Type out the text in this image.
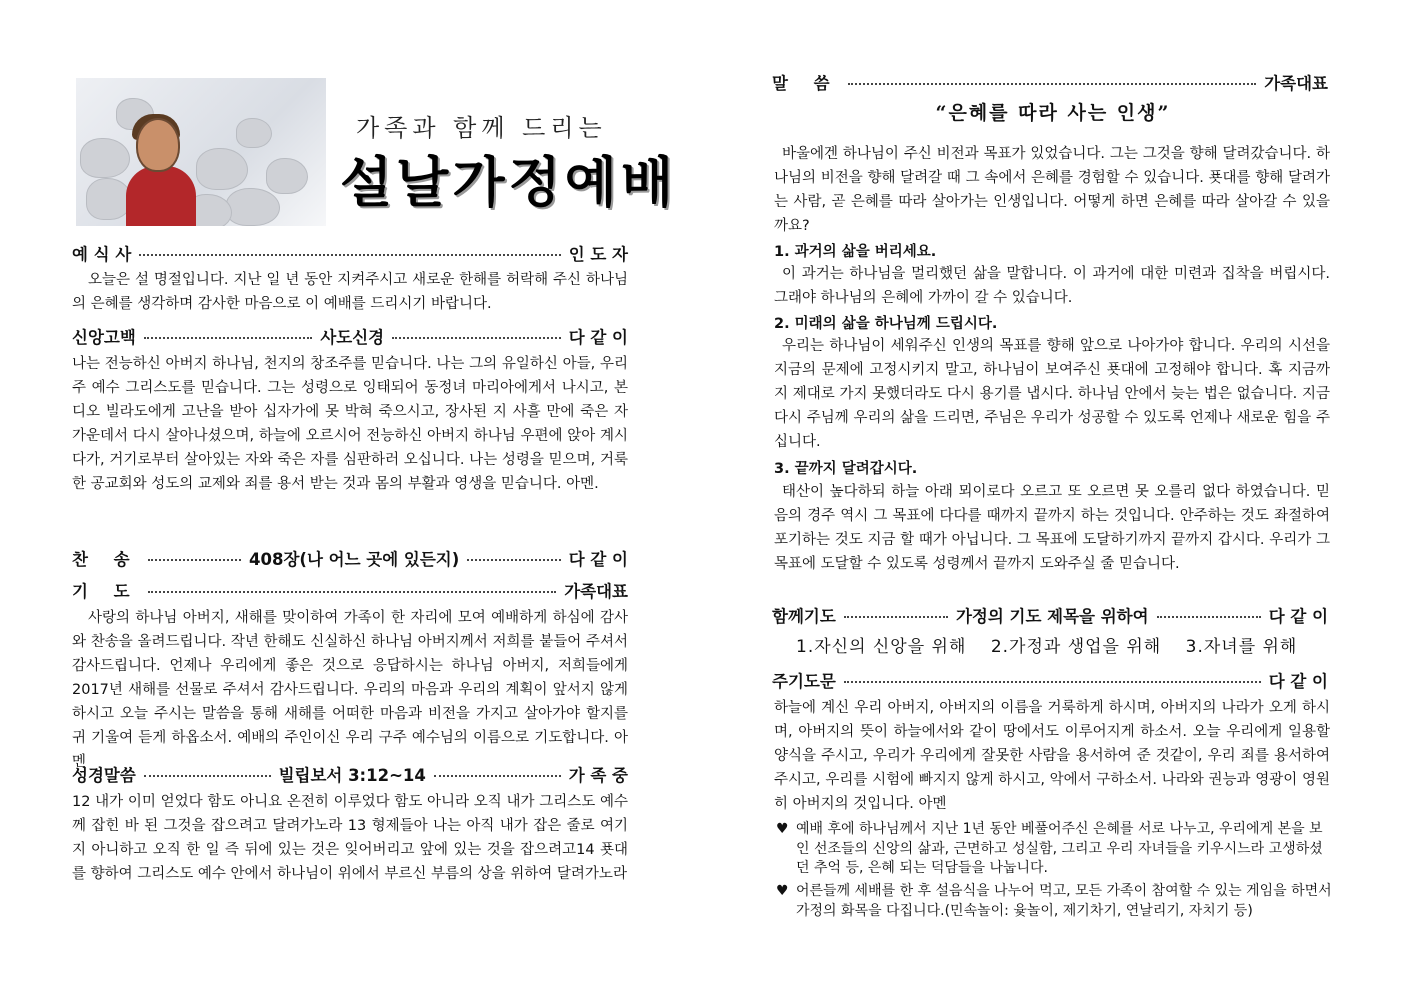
가족과 함께 드리는
설날가정예배
예 식 사	인 도 자
오늘은 설 명절입니다. 지난 일 년 동안 지켜주시고 새로운 한해를 허락해 주신 하나님의 은혜를 생각하며 감사한 마음으로 이 예배를 드리시기 바랍니다.
신앙고백	사도신경	다 같 이
나는 전능하신 아버지 하나님, 천지의 창조주를 믿습니다. 나는 그의 유일하신 아들, 우리 주 예수 그리스도를 믿습니다. 그는 성령으로 잉태되어 동정녀 마리아에게서 나시고, 본디오 빌라도에게 고난을 받아 십자가에 못 박혀 죽으시고, 장사된 지 사흘 만에 죽은 자 가운데서 다시 살아나셨으며, 하늘에 오르시어 전능하신 아버지 하나님 우편에 앉아 계시다가, 거기로부터 살아있는 자와 죽은 자를 심판하러 오십니다. 나는 성령을 믿으며, 거룩한 공교회와 성도의 교제와 죄를 용서 받는 것과 몸의 부활과 영생을 믿습니다. 아멘.
찬 송	408장(나 어느 곳에 있든지)	다 같 이
기 도	가족대표
사랑의 하나님 아버지, 새해를 맞이하여 가족이 한 자리에 모여 예배하게 하심에 감사와 찬송을 올려드립니다. 작년 한해도 신실하신 하나님 아버지께서 저희를 붙들어 주셔서 감사드립니다. 언제나 우리에게 좋은 것으로 응답하시는 하나님 아버지, 저희들에게 2017년 새해를 선물로 주셔서 감사드립니다. 우리의 마음과 우리의 계획이 앞서지 않게 하시고 오늘 주시는 말씀을 통해 새해를 어떠한 마음과 비전을 가지고 살아가야 할지를 귀 기울여 듣게 하옵소서. 예배의 주인이신 우리 구주 예수님의 이름으로 기도합니다. 아멘
성경말씀	빌립보서 3:12~14	가 족 중
12 내가 이미 얻었다 함도 아니요 온전히 이루었다 함도 아니라 오직 내가 그리스도 예수께 잡힌 바 된 그것을 잡으려고 달려가노라 13 형제들아 나는 아직 내가 잡은 줄로 여기지 아니하고 오직 한 일 즉 뒤에 있는 것은 잊어버리고 앞에 있는 것을 잡으려고14 푯대를 향하여 그리스도 예수 안에서 하나님이 위에서 부르신 부름의 상을 위하여 달려가노라
말 씀	가족대표
“은혜를 따라 사는 인생”
바울에겐 하나님이 주신 비전과 목표가 있었습니다. 그는 그것을 향해 달려갔습니다. 하나님의 비전을 향해 달려갈 때 그 속에서 은혜를 경험할 수 있습니다. 푯대를 향해 달려가는 사람, 곧 은혜를 따라 살아가는 인생입니다. 어떻게 하면 은혜를 따라 살아갈 수 있을까요?
1. 과거의 삶을 버리세요.
이 과거는 하나님을 멀리했던 삶을 말합니다. 이 과거에 대한 미련과 집착을 버립시다. 그래야 하나님의 은혜에 가까이 갈 수 있습니다.
2. 미래의 삶을 하나님께 드립시다.
우리는 하나님이 세워주신 인생의 목표를 향해 앞으로 나아가야 합니다. 우리의 시선을 지금의 문제에 고정시키지 말고, 하나님이 보여주신 푯대에 고정해야 합니다. 혹 지금까지 제대로 가지 못했더라도 다시 용기를 냅시다. 하나님 안에서 늦는 법은 없습니다. 지금 다시 주님께 우리의 삶을 드리면, 주님은 우리가 성공할 수 있도록 언제나 새로운 힘을 주십니다.
3. 끝까지 달려갑시다.
태산이 높다하되 하늘 아래 뫼이로다 오르고 또 오르면 못 오를리 없다 하였습니다. 믿음의 경주 역시 그 목표에 다다를 때까지 끝까지 하는 것입니다. 안주하는 것도 좌절하여 포기하는 것도 지금 할 때가 아닙니다. 그 목표에 도달하기까지 끝까지 갑시다. 우리가 그 목표에 도달할 수 있도록 성령께서 끝까지 도와주실 줄 믿습니다.
함께기도	가정의 기도 제목을 위하여	다 같 이
1.자신의 신앙을 위해 2.가정과 생업을 위해 3.자녀를 위해
주기도문	다 같 이
하늘에 계신 우리 아버지, 아버지의 이름을 거룩하게 하시며, 아버지의 나라가 오게 하시며, 아버지의 뜻이 하늘에서와 같이 땅에서도 이루어지게 하소서. 오늘 우리에게 일용할 양식을 주시고, 우리가 우리에게 잘못한 사람을 용서하여 준 것같이, 우리 죄를 용서하여 주시고, 우리를 시험에 빠지지 않게 하시고, 악에서 구하소서. 나라와 권능과 영광이 영원히 아버지의 것입니다. 아멘
♥ 예배 후에 하나님께서 지난 1년 동안 베풀어주신 은혜를 서로 나누고, 우리에게 본을 보인 선조들의 신앙의 삶과, 근면하고 성실함, 그리고 우리 자녀들을 키우시느라 고생하셨던 추억 등, 은혜 되는 덕담들을 나눕니다.
♥ 어른들께 세배를 한 후 설음식을 나누어 먹고, 모든 가족이 참여할 수 있는 게임을 하면서 가정의 화목을 다집니다.(민속놀이: 윷놀이, 제기차기, 연날리기, 자치기 등)
